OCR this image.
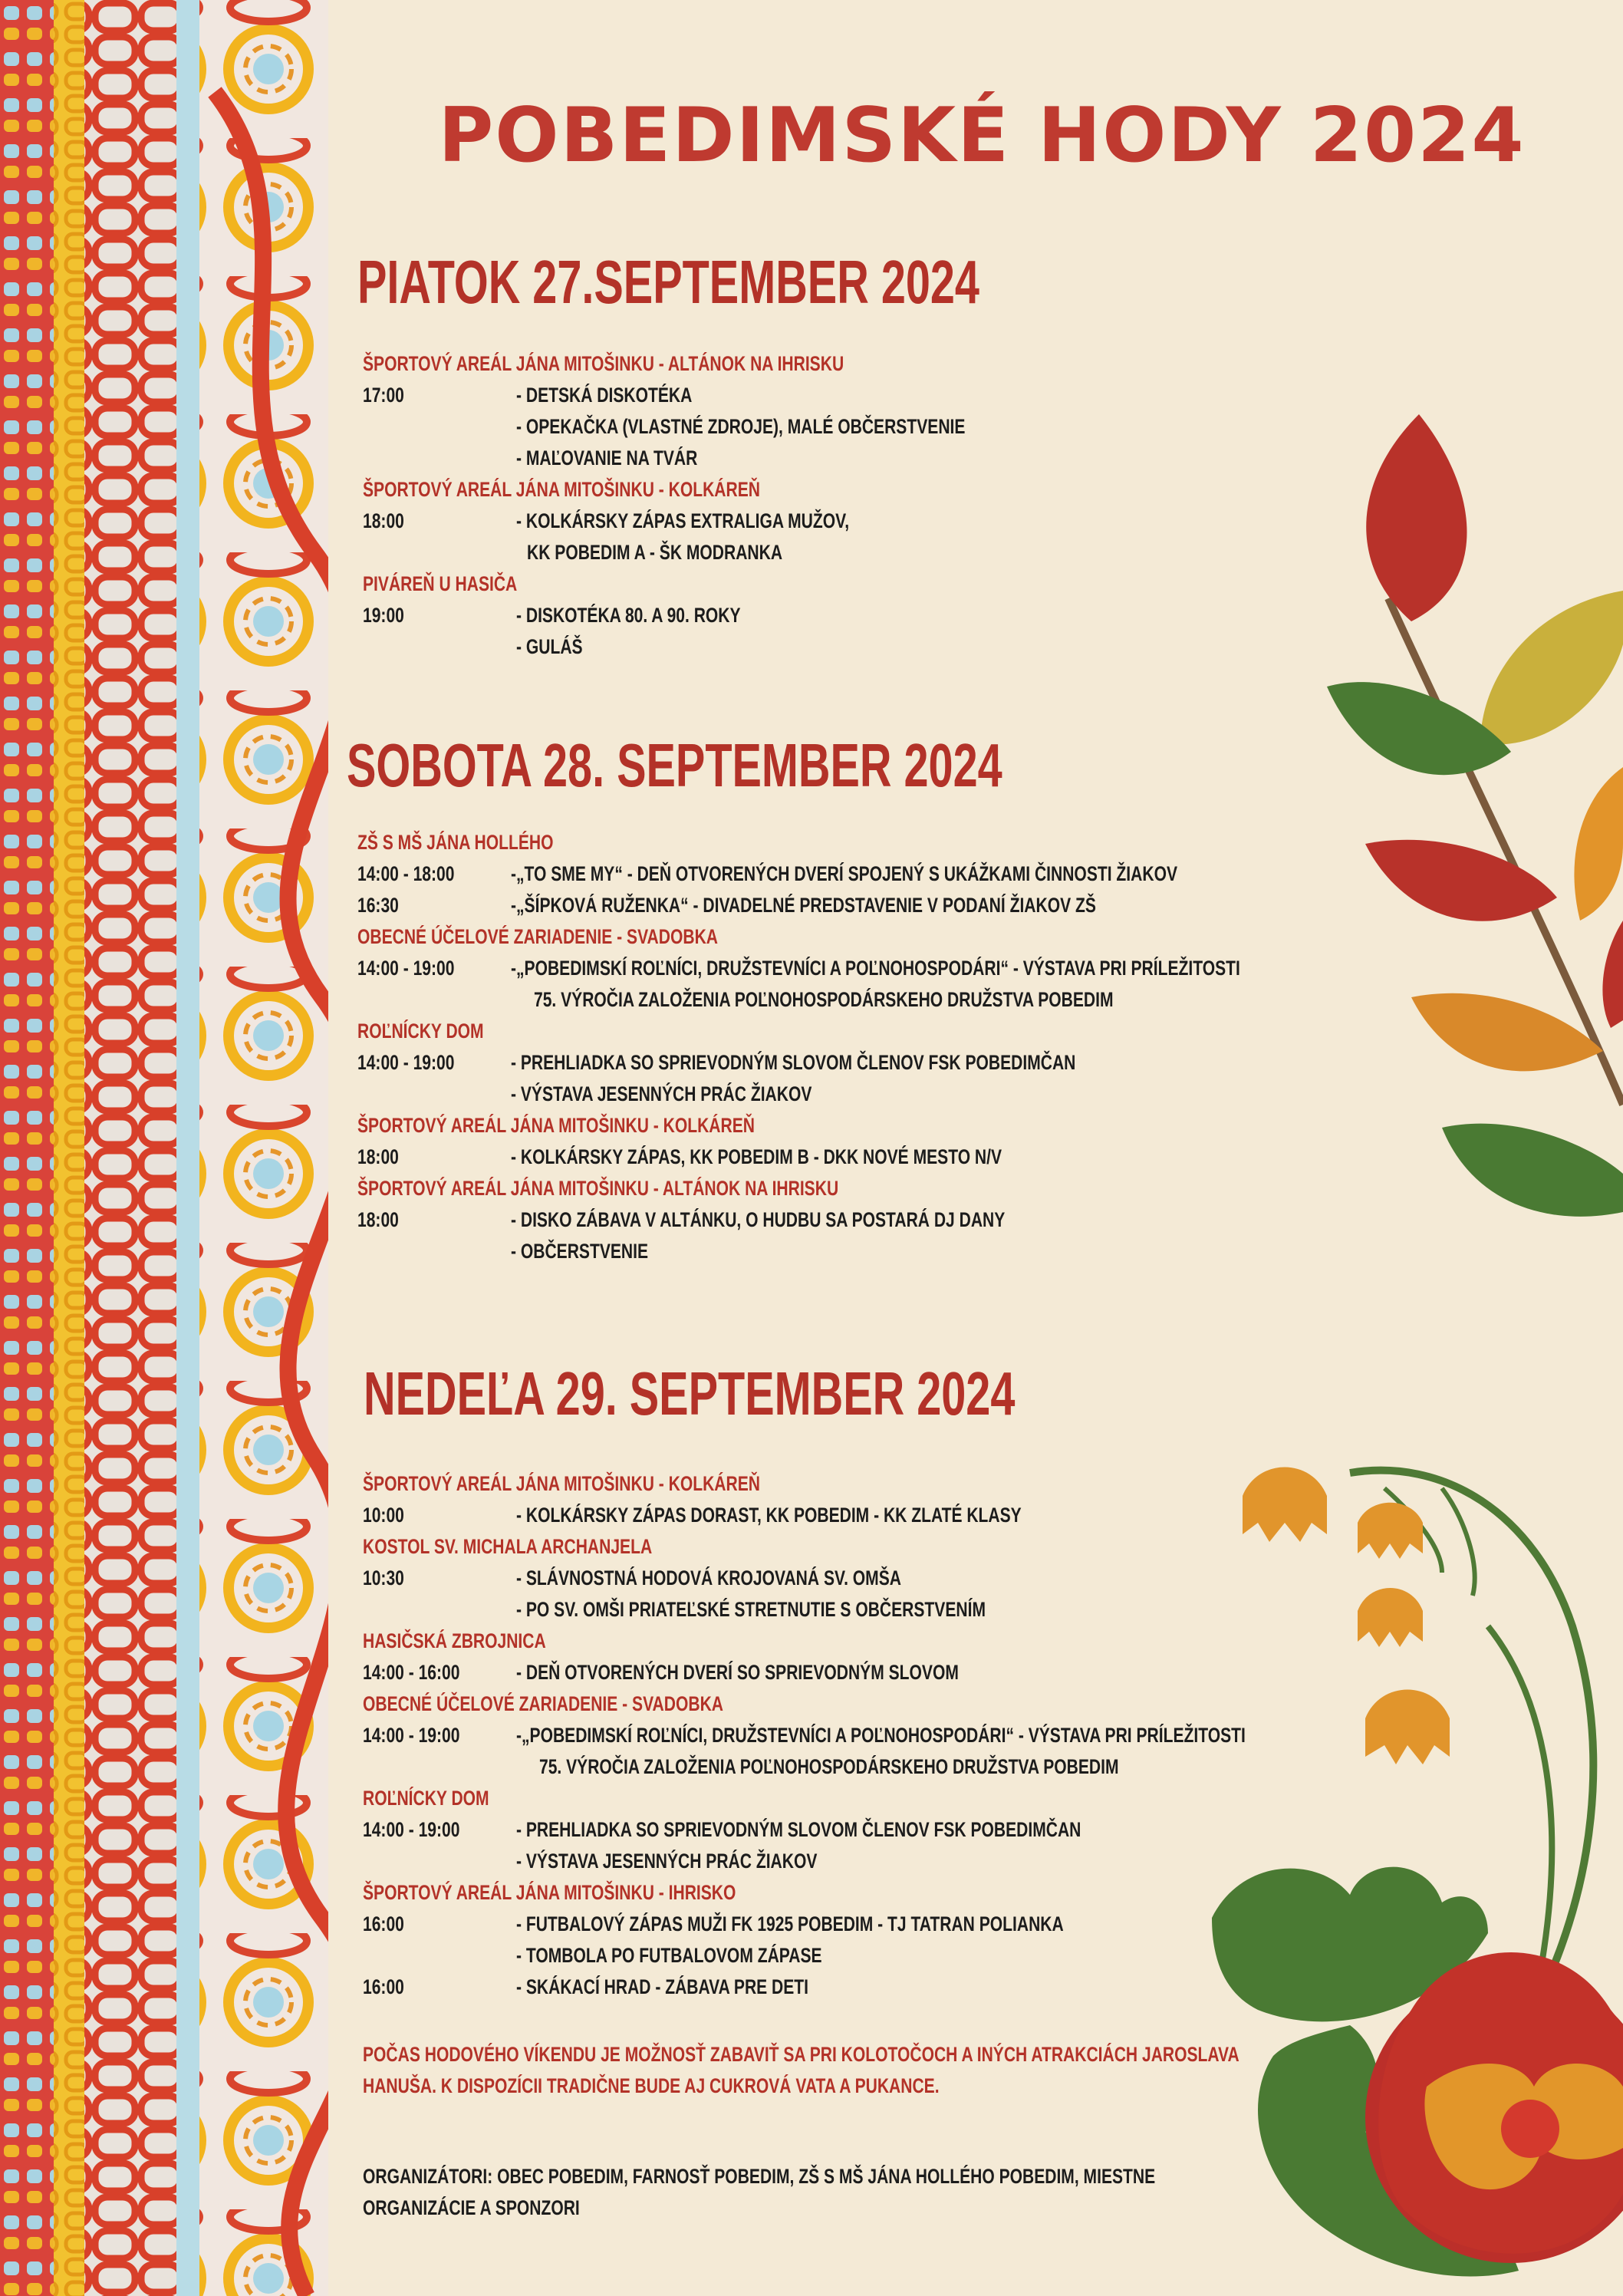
POBEDIMSKÉ HODY 2024
PIATOK 27.SEPTEMBER 2024
ŠPORTOVÝ AREÁL JÁNA MITOŠINKU - ALTÁNOK NA IHRISKU
17:00	- DETSKÁ DISKOTÉKA
- OPEKAČKA (VLASTNÉ ZDROJE), MALÉ OBČERSTVENIE
- MAĽOVANIE NA TVÁR
ŠPORTOVÝ AREÁL JÁNA MITOŠINKU - KOLKÁREŇ
18:00	- KOLKÁRSKY ZÁPAS EXTRALIGA MUŽOV,
KK POBEDIM A - ŠK MODRANKA
PIVÁREŇ U HASIČA
19:00	- DISKOTÉKA 80. A 90. ROKY
- GULÁŠ
SOBOTA 28. SEPTEMBER 2024
ZŠ S MŠ JÁNA HOLLÉHO
14:00 - 18:00	-„TO SME MY“ - DEŇ OTVORENÝCH DVERÍ SPOJENÝ S UKÁŽKAMI ČINNOSTI ŽIAKOV
16:30	-„ŠÍPKOVÁ RUŽENKA“ - DIVADELNÉ PREDSTAVENIE V PODANÍ ŽIAKOV ZŠ
OBECNÉ ÚČELOVÉ ZARIADENIE - SVADOBKA
14:00 - 19:00	-„POBEDIMSKÍ ROĽNÍCI, DRUŽSTEVNÍCI A POĽNOHOSPODÁRI“ - VÝSTAVA PRI PRÍLEŽITOSTI
75. VÝROČIA ZALOŽENIA POĽNOHOSPODÁRSKEHO DRUŽSTVA POBEDIM
ROĽNÍCKY DOM
14:00 - 19:00	- PREHLIADKA SO SPRIEVODNÝM SLOVOM ČLENOV FSK POBEDIMČAN
- VÝSTAVA JESENNÝCH PRÁC ŽIAKOV
ŠPORTOVÝ AREÁL JÁNA MITOŠINKU - KOLKÁREŇ
18:00	- KOLKÁRSKY ZÁPAS, KK POBEDIM B - DKK NOVÉ MESTO N/V
ŠPORTOVÝ AREÁL JÁNA MITOŠINKU - ALTÁNOK NA IHRISKU
18:00	- DISKO ZÁBAVA V ALTÁNKU, O HUDBU SA POSTARÁ DJ DANY
- OBČERSTVENIE
NEDEĽA 29. SEPTEMBER 2024
ŠPORTOVÝ AREÁL JÁNA MITOŠINKU - KOLKÁREŇ
10:00	- KOLKÁRSKY ZÁPAS DORAST, KK POBEDIM - KK ZLATÉ KLASY
KOSTOL SV. MICHALA ARCHANJELA
10:30	- SLÁVNOSTNÁ HODOVÁ KROJOVANÁ SV. OMŠA
- PO SV. OMŠI PRIATEĽSKÉ STRETNUTIE S OBČERSTVENÍM
HASIČSKÁ ZBROJNICA
14:00 - 16:00	- DEŇ OTVORENÝCH DVERÍ SO SPRIEVODNÝM SLOVOM
OBECNÉ ÚČELOVÉ ZARIADENIE - SVADOBKA
14:00 - 19:00	-„POBEDIMSKÍ ROĽNÍCI, DRUŽSTEVNÍCI A POĽNOHOSPODÁRI“ - VÝSTAVA PRI PRÍLEŽITOSTI
75. VÝROČIA ZALOŽENIA POĽNOHOSPODÁRSKEHO DRUŽSTVA POBEDIM
ROĽNÍCKY DOM
14:00 - 19:00	- PREHLIADKA SO SPRIEVODNÝM SLOVOM ČLENOV FSK POBEDIMČAN
- VÝSTAVA JESENNÝCH PRÁC ŽIAKOV
ŠPORTOVÝ AREÁL JÁNA MITOŠINKU - IHRISKO
16:00	- FUTBALOVÝ ZÁPAS MUŽI FK 1925 POBEDIM - TJ TATRAN POLIANKA
- TOMBOLA PO FUTBALOVOM ZÁPASE
16:00	- SKÁKACÍ HRAD - ZÁBAVA PRE DETI
POČAS HODOVÉHO VÍKENDU JE MOŽNOSŤ ZABAVIŤ SA PRI KOLOTOČOCH A INÝCH ATRAKCIÁCH JAROSLAVA
HANUŠA. K DISPOZÍCII TRADIČNE BUDE AJ CUKROVÁ VATA A PUKANCE.
ORGANIZÁTORI: OBEC POBEDIM, FARNOSŤ POBEDIM, ZŠ S MŠ JÁNA HOLLÉHO POBEDIM, MIESTNE
ORGANIZÁCIE A SPONZORI
